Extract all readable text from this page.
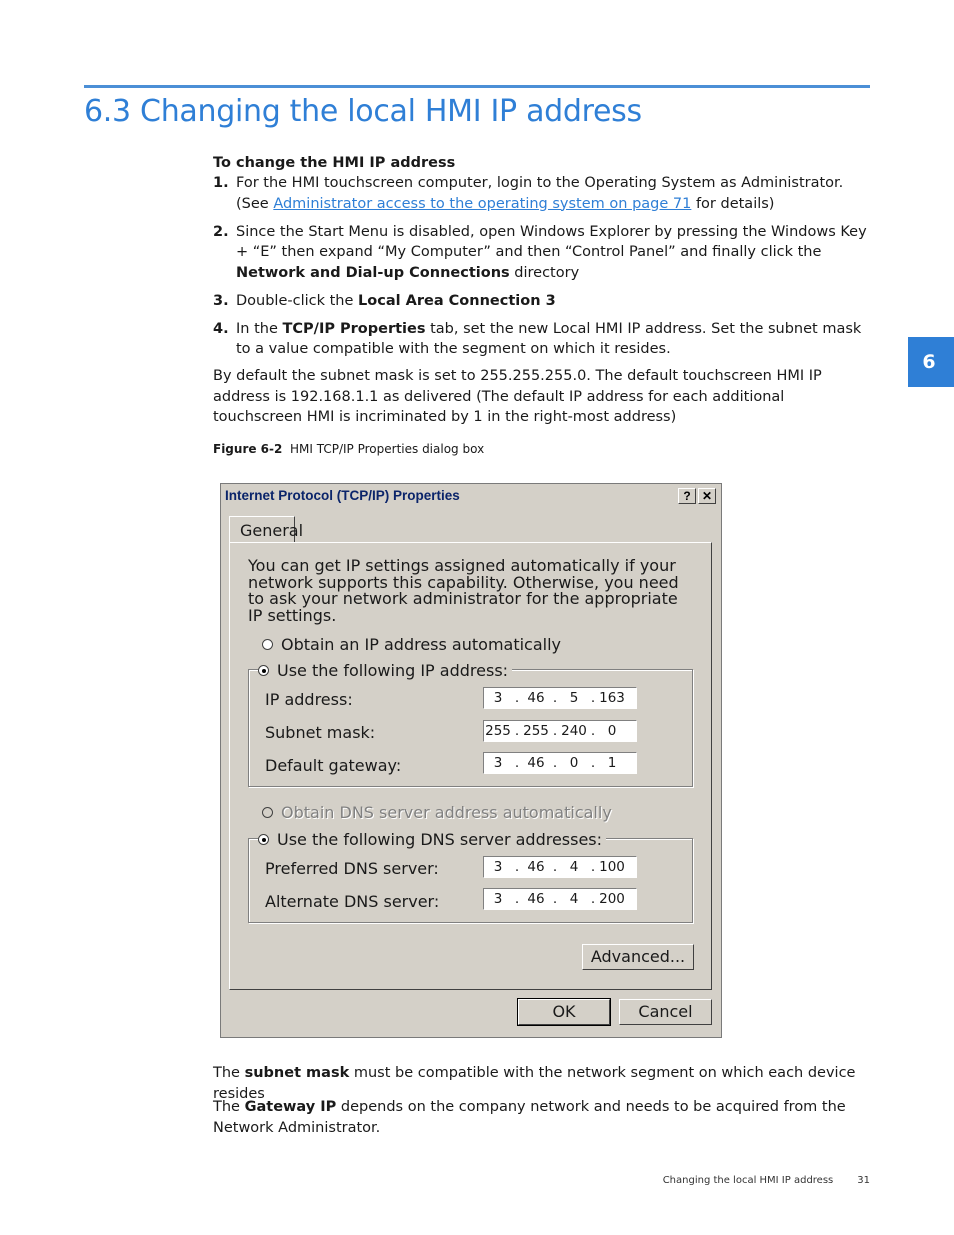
6.3 Changing the local HMI IP address
6
To change the HMI IP address
1. For the HMI touchscreen computer, login to the Operating System as Administrator. (See Administrator access to the operating system on page 71 for details)
2. Since the Start Menu is disabled, open Windows Explorer by pressing the Windows Key + “E” then expand “My Computer” and then “Control Panel” and finally click the Network and Dial-up Connections directory
3. Double-click the Local Area Connection 3
4. In the TCP/IP Properties tab, set the new Local HMI IP address. Set the subnet mask to a value compatible with the segment on which it resides.
By default the subnet mask is set to 255.255.255.0. The default touchscreen HMI IP address is 192.168.1.1 as delivered (The default IP address for each additional touchscreen HMI is incriminated by 1 in the right-most address)
Figure 6-2 HMI TCP/IP Properties dialog box
Internet Protocol (TCP/IP) Properties	? ✕
General
You can get IP settings assigned automatically if your network supports this capability. Otherwise, you need to ask your network administrator for the appropriate IP settings.
Obtain an IP address automatically
Use the following IP address:
IP address:	3 . 46 . 5 . 163
Subnet mask:	255 . 255 . 240 . 0
Default gateway:	3 . 46 . 0 . 1
Obtain DNS server address automatically
Use the following DNS server addresses:
Preferred DNS server:	3 . 46 . 4 . 100
Alternate DNS server:	3 . 46 . 4 . 200
Advanced...
OK	Cancel
The subnet mask must be compatible with the network segment on which each device resides
The Gateway IP depends on the company network and needs to be acquired from the Network Administrator.
Changing the local HMI IP address 31
